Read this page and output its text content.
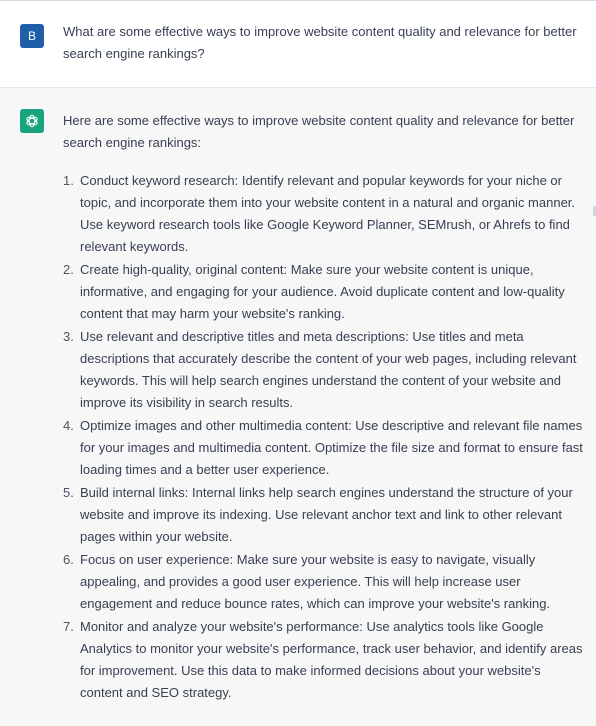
B What are some effective ways to improve website content quality and relevance for better search engine rankings?

Here are some effective ways to improve website content quality and relevance for better search engine rankings:

1. Conduct keyword research: Identify relevant and popular keywords for your niche or topic, and incorporate them into your website content in a natural and organic manner. Use keyword research tools like Google Keyword Planner, SEMrush, or Ahrefs to find relevant keywords.
2. Create high-quality, original content: Make sure your website content is unique, informative, and engaging for your audience. Avoid duplicate content and low-quality content that may harm your website's ranking.
3. Use relevant and descriptive titles and meta descriptions: Use titles and meta descriptions that accurately describe the content of your web pages, including relevant keywords. This will help search engines understand the content of your website and improve its visibility in search results.
4. Optimize images and other multimedia content: Use descriptive and relevant file names for your images and multimedia content. Optimize the file size and format to ensure fast loading times and a better user experience.
5. Build internal links: Internal links help search engines understand the structure of your website and improve its indexing. Use relevant anchor text and link to other relevant pages within your website.
6. Focus on user experience: Make sure your website is easy to navigate, visually appealing, and provides a good user experience. This will help increase user engagement and reduce bounce rates, which can improve your website's ranking.
7. Monitor and analyze your website's performance: Use analytics tools like Google Analytics to monitor your website's performance, track user behavior, and identify areas for improvement. Use this data to make informed decisions about your website's content and SEO strategy.
